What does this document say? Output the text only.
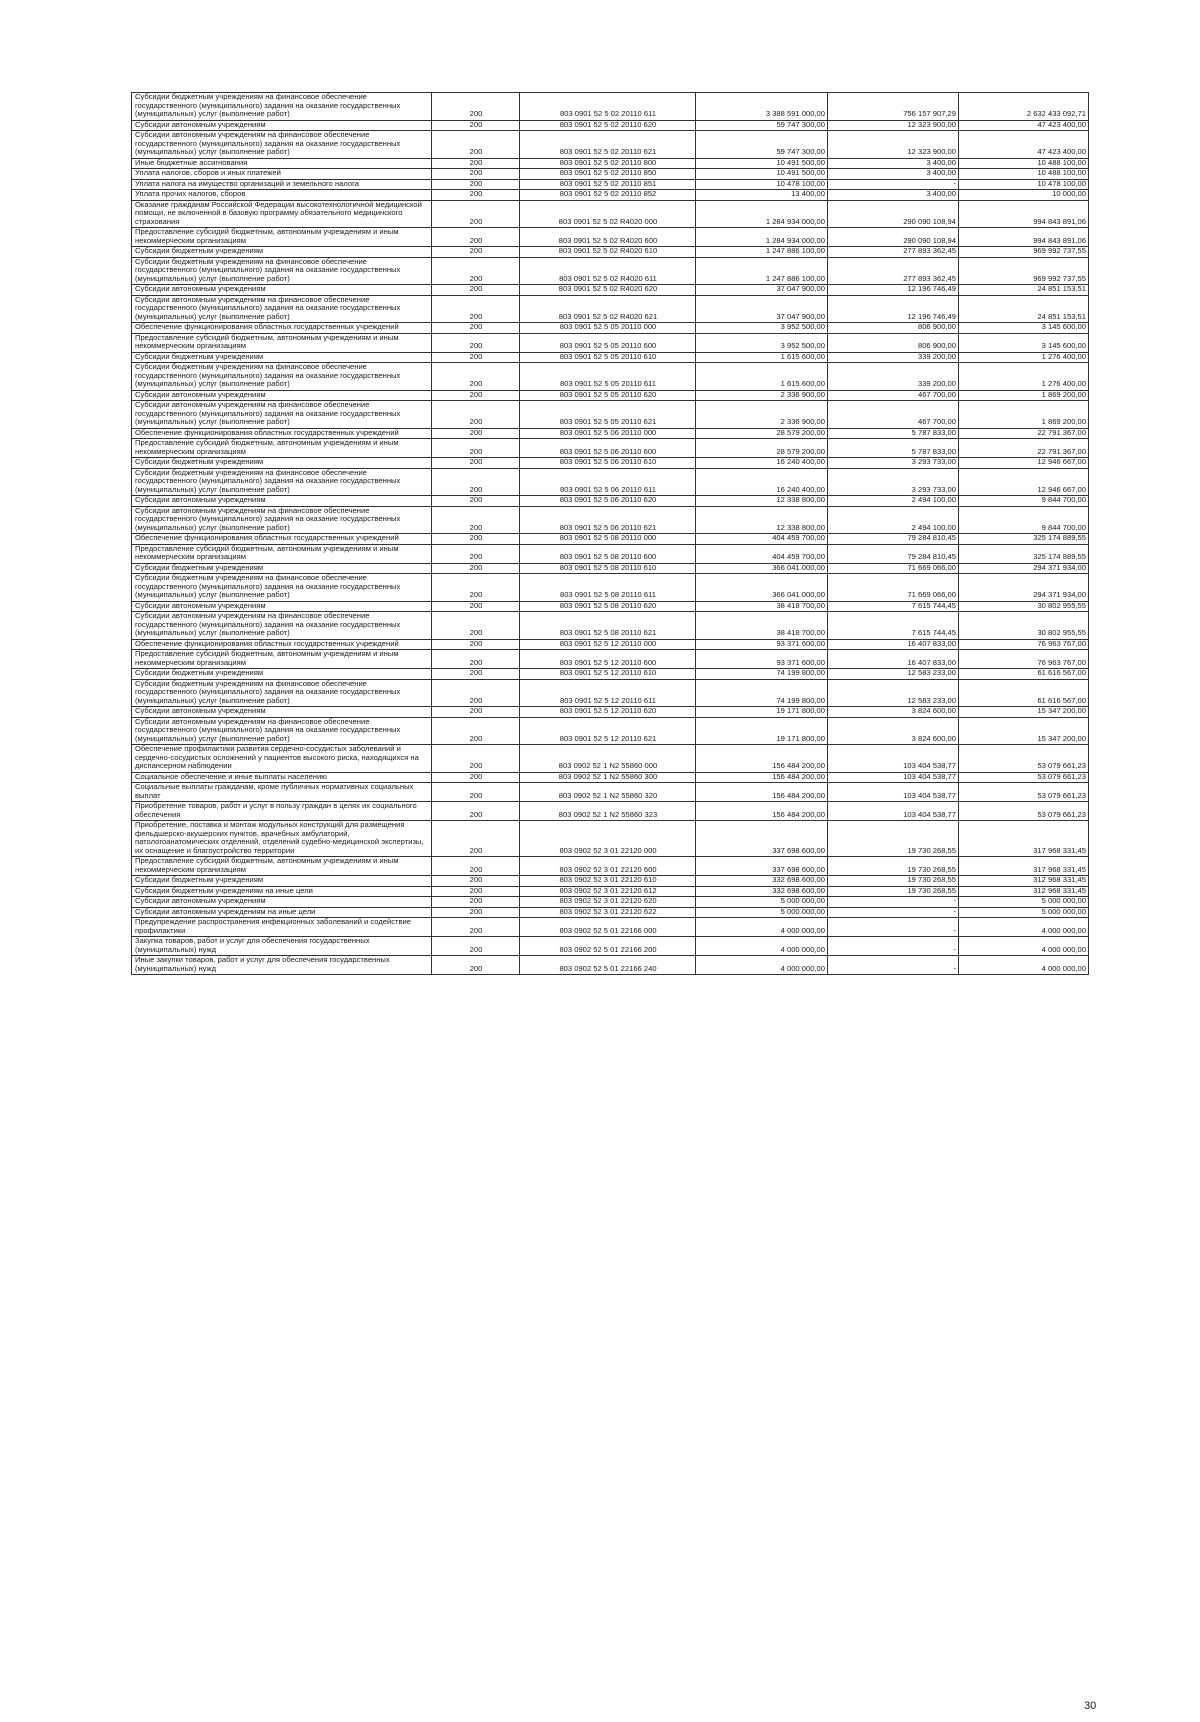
Субсидии бюджетным учреждениям на финансовое обеспечение государственного (муниципального) задания на оказание государственных (муниципальных) услуг (выполнение работ)	200	803 0901 52 5 02 20110 611	3 388 591 000,00	756 157 907,29	2 632 433 092,71
Субсидии автономным учреждениям	200	803 0901 52 5 02 20110 620	59 747 300,00	12 323 900,00	47 423 400,00
Субсидии автономным учреждениям на финансовое обеспечение государственного (муниципального) задания на оказание государственных (муниципальных) услуг (выполнение работ)	200	803 0901 52 5 02 20110 621	59 747 300,00	12 323 900,00	47 423 400,00
Иные бюджетные ассигнования	200	803 0901 52 5 02 20110 800	10 491 500,00	3 400,00	10 488 100,00
Уплата налогов, сборов и иных платежей	200	803 0901 52 5 02 20110 850	10 491 500,00	3 400,00	10 488 100,00
Уплата налога на имущество организаций и земельного налога	200	803 0901 52 5 02 20110 851	10 478 100,00	-	10 478 100,00
Уплата прочих налогов, сборов	200	803 0901 52 5 02 20110 852	13 400,00	3 400,00	10 000,00
Оказание гражданам Российской Федерации высокотехнологичной медицинской помощи, не включенной в базовую программу обязательного медицинского страхования	200	803 0901 52 5 02 R4020 000	1 284 934 000,00	290 090 108,94	994 843 891,06
Предоставление субсидий бюджетным, автономным учреждениям и иным некоммерческим организациям	200	803 0901 52 5 02 R4020 600	1 284 934 000,00	290 090 108,94	994 843 891,06
Субсидии бюджетным учреждениям	200	803 0901 52 5 02 R4020 610	1 247 886 100,00	277 893 362,45	969 992 737,55
Субсидии бюджетным учреждениям на финансовое обеспечение государственного (муниципального) задания на оказание государственных (муниципальных) услуг (выполнение работ)	200	803 0901 52 5 02 R4020 611	1 247 886 100,00	277 893 362,45	969 992 737,55
Субсидии автономным учреждениям	200	803 0901 52 5 02 R4020 620	37 047 900,00	12 196 746,49	24 851 153,51
Субсидии автономным учреждениям на финансовое обеспечение государственного (муниципального) задания на оказание государственных (муниципальных) услуг (выполнение работ)	200	803 0901 52 5 02 R4020 621	37 047 900,00	12 196 746,49	24 851 153,51
Обеспечение функционирования областных государственных учреждений	200	803 0901 52 5 05 20110 000	3 952 500,00	806 900,00	3 145 600,00
Предоставление субсидий бюджетным, автономным учреждениям и иным некоммерческим организациям	200	803 0901 52 5 05 20110 600	3 952 500,00	806 900,00	3 145 600,00
Субсидии бюджетным учреждениям	200	803 0901 52 5 05 20110 610	1 615 600,00	339 200,00	1 276 400,00
Субсидии бюджетным учреждениям на финансовое обеспечение государственного (муниципального) задания на оказание государственных (муниципальных) услуг (выполнение работ)	200	803 0901 52 5 05 20110 611	1 615 600,00	339 200,00	1 276 400,00
Субсидии автономным учреждениям	200	803 0901 52 5 05 20110 620	2 336 900,00	467 700,00	1 869 200,00
Субсидии автономным учреждениям на финансовое обеспечение государственного (муниципального) задания на оказание государственных (муниципальных) услуг (выполнение работ)	200	803 0901 52 5 05 20110 621	2 336 900,00	467 700,00	1 869 200,00
Обеспечение функционирования областных государственных учреждений	200	803 0901 52 5 06 20110 000	28 579 200,00	5 787 833,00	22 791 367,00
Предоставление субсидий бюджетным, автономным учреждениям и иным некоммерческим организациям	200	803 0901 52 5 06 20110 600	28 579 200,00	5 787 833,00	22 791 367,00
Субсидии бюджетным учреждениям	200	803 0901 52 5 06 20110 610	16 240 400,00	3 293 733,00	12 946 667,00
Субсидии бюджетным учреждениям на финансовое обеспечение государственного (муниципального) задания на оказание государственных (муниципальных) услуг (выполнение работ)	200	803 0901 52 5 06 20110 611	16 240 400,00	3 293 733,00	12 946 667,00
Субсидии автономным учреждениям	200	803 0901 52 5 06 20110 620	12 338 800,00	2 494 100,00	9 844 700,00
Субсидии автономным учреждениям на финансовое обеспечение государственного (муниципального) задания на оказание государственных (муниципальных) услуг (выполнение работ)	200	803 0901 52 5 06 20110 621	12 338 800,00	2 494 100,00	9 844 700,00
Обеспечение функционирования областных государственных учреждений	200	803 0901 52 5 08 20110 000	404 459 700,00	79 284 810,45	325 174 889,55
Предоставление субсидий бюджетным, автономным учреждениям и иным некоммерческим организациям	200	803 0901 52 5 08 20110 600	404 459 700,00	79 284 810,45	325 174 889,55
Субсидии бюджетным учреждениям	200	803 0901 52 5 08 20110 610	366 041 000,00	71 669 066,00	294 371 934,00
Субсидии бюджетным учреждениям на финансовое обеспечение государственного (муниципального) задания на оказание государственных (муниципальных) услуг (выполнение работ)	200	803 0901 52 5 08 20110 611	366 041 000,00	71 669 066,00	294 371 934,00
Субсидии автономным учреждениям	200	803 0901 52 5 08 20110 620	38 418 700,00	7 615 744,45	30 802 955,55
Субсидии автономным учреждениям на финансовое обеспечение государственного (муниципального) задания на оказание государственных (муниципальных) услуг (выполнение работ)	200	803 0901 52 5 08 20110 621	38 418 700,00	7 615 744,45	30 802 955,55
Обеспечение функционирования областных государственных учреждений	200	803 0901 52 5 12 20110 000	93 371 600,00	16 407 833,00	76 963 767,00
Предоставление субсидий бюджетным, автономным учреждениям и иным некоммерческим организациям	200	803 0901 52 5 12 20110 600	93 371 600,00	16 407 833,00	76 963 767,00
Субсидии бюджетным учреждениям	200	803 0901 52 5 12 20110 610	74 199 800,00	12 583 233,00	61 616 567,00
Субсидии бюджетным учреждениям на финансовое обеспечение государственного (муниципального) задания на оказание государственных (муниципальных) услуг (выполнение работ)	200	803 0901 52 5 12 20110 611	74 199 800,00	12 583 233,00	61 616 567,00
Субсидии автономным учреждениям	200	803 0901 52 5 12 20110 620	19 171 800,00	3 824 600,00	15 347 200,00
Субсидии автономным учреждениям на финансовое обеспечение государственного (муниципального) задания на оказание государственных (муниципальных) услуг (выполнение работ)	200	803 0901 52 5 12 20110 621	19 171 800,00	3 824 600,00	15 347 200,00
Обеспечение профилактики развития сердечно-сосудистых заболеваний и сердечно-сосудистых осложнений у пациентов высокого риска, находящихся на диспансерном наблюдении	200	803 0902 52 1 N2 55860 000	156 484 200,00	103 404 538,77	53 079 661,23
Социальное обеспечение и иные выплаты населению	200	803 0902 52 1 N2 55860 300	156 484 200,00	103 404 538,77	53 079 661,23
Социальные выплаты гражданам, кроме публичных нормативных социальных выплат	200	803 0902 52 1 N2 55860 320	156 484 200,00	103 404 538,77	53 079 661,23
Приобретение товаров, работ и услуг в пользу граждан в целях их социального обеспечения	200	803 0902 52 1 N2 55860 323	156 484 200,00	103 404 538,77	53 079 661,23
Приобретение, поставка и монтаж модульных конструкций для размещения фельдшерско-акушерских пунктов, врачебных амбулаторий, патологоанатомических отделений, отделений судебно-медицинской экспертизы, их оснащение и благоустройство территории	200	803 0902 52 3 01 22120 000	337 698 600,00	19 730 268,55	317 968 331,45
Предоставление субсидий бюджетным, автономным учреждениям и иным некоммерческим организациям	200	803 0902 52 3 01 22120 600	337 698 600,00	19 730 268,55	317 968 331,45
Субсидии бюджетным учреждениям	200	803 0902 52 3 01 22120 610	332 698 600,00	19 730 268,55	312 968 331,45
Субсидии бюджетным учреждениям на иные цели	200	803 0902 52 3 01 22120 612	332 698 600,00	19 730 268,55	312 968 331,45
Субсидии автономным учреждениям	200	803 0902 52 3 01 22120 620	5 000 000,00	-	5 000 000,00
Субсидии автономным учреждениям на иные цели	200	803 0902 52 3 01 22120 622	5 000 000,00	-	5 000 000,00
Предупреждение распространения инфекционных заболеваний и содействие профилактики	200	803 0902 52 5 01 22166 000	4 000 000,00	-	4 000 000,00
Закупка товаров, работ и услуг для обеспечения государственных (муниципальных) нужд	200	803 0902 52 5 01 22166 200	4 000 000,00	-	4 000 000,00
Иные закупки товаров, работ и услуг для обеспечения государственных (муниципальных) нужд	200	803 0902 52 5 01 22166 240	4 000 000,00	-	4 000 000,00
30
